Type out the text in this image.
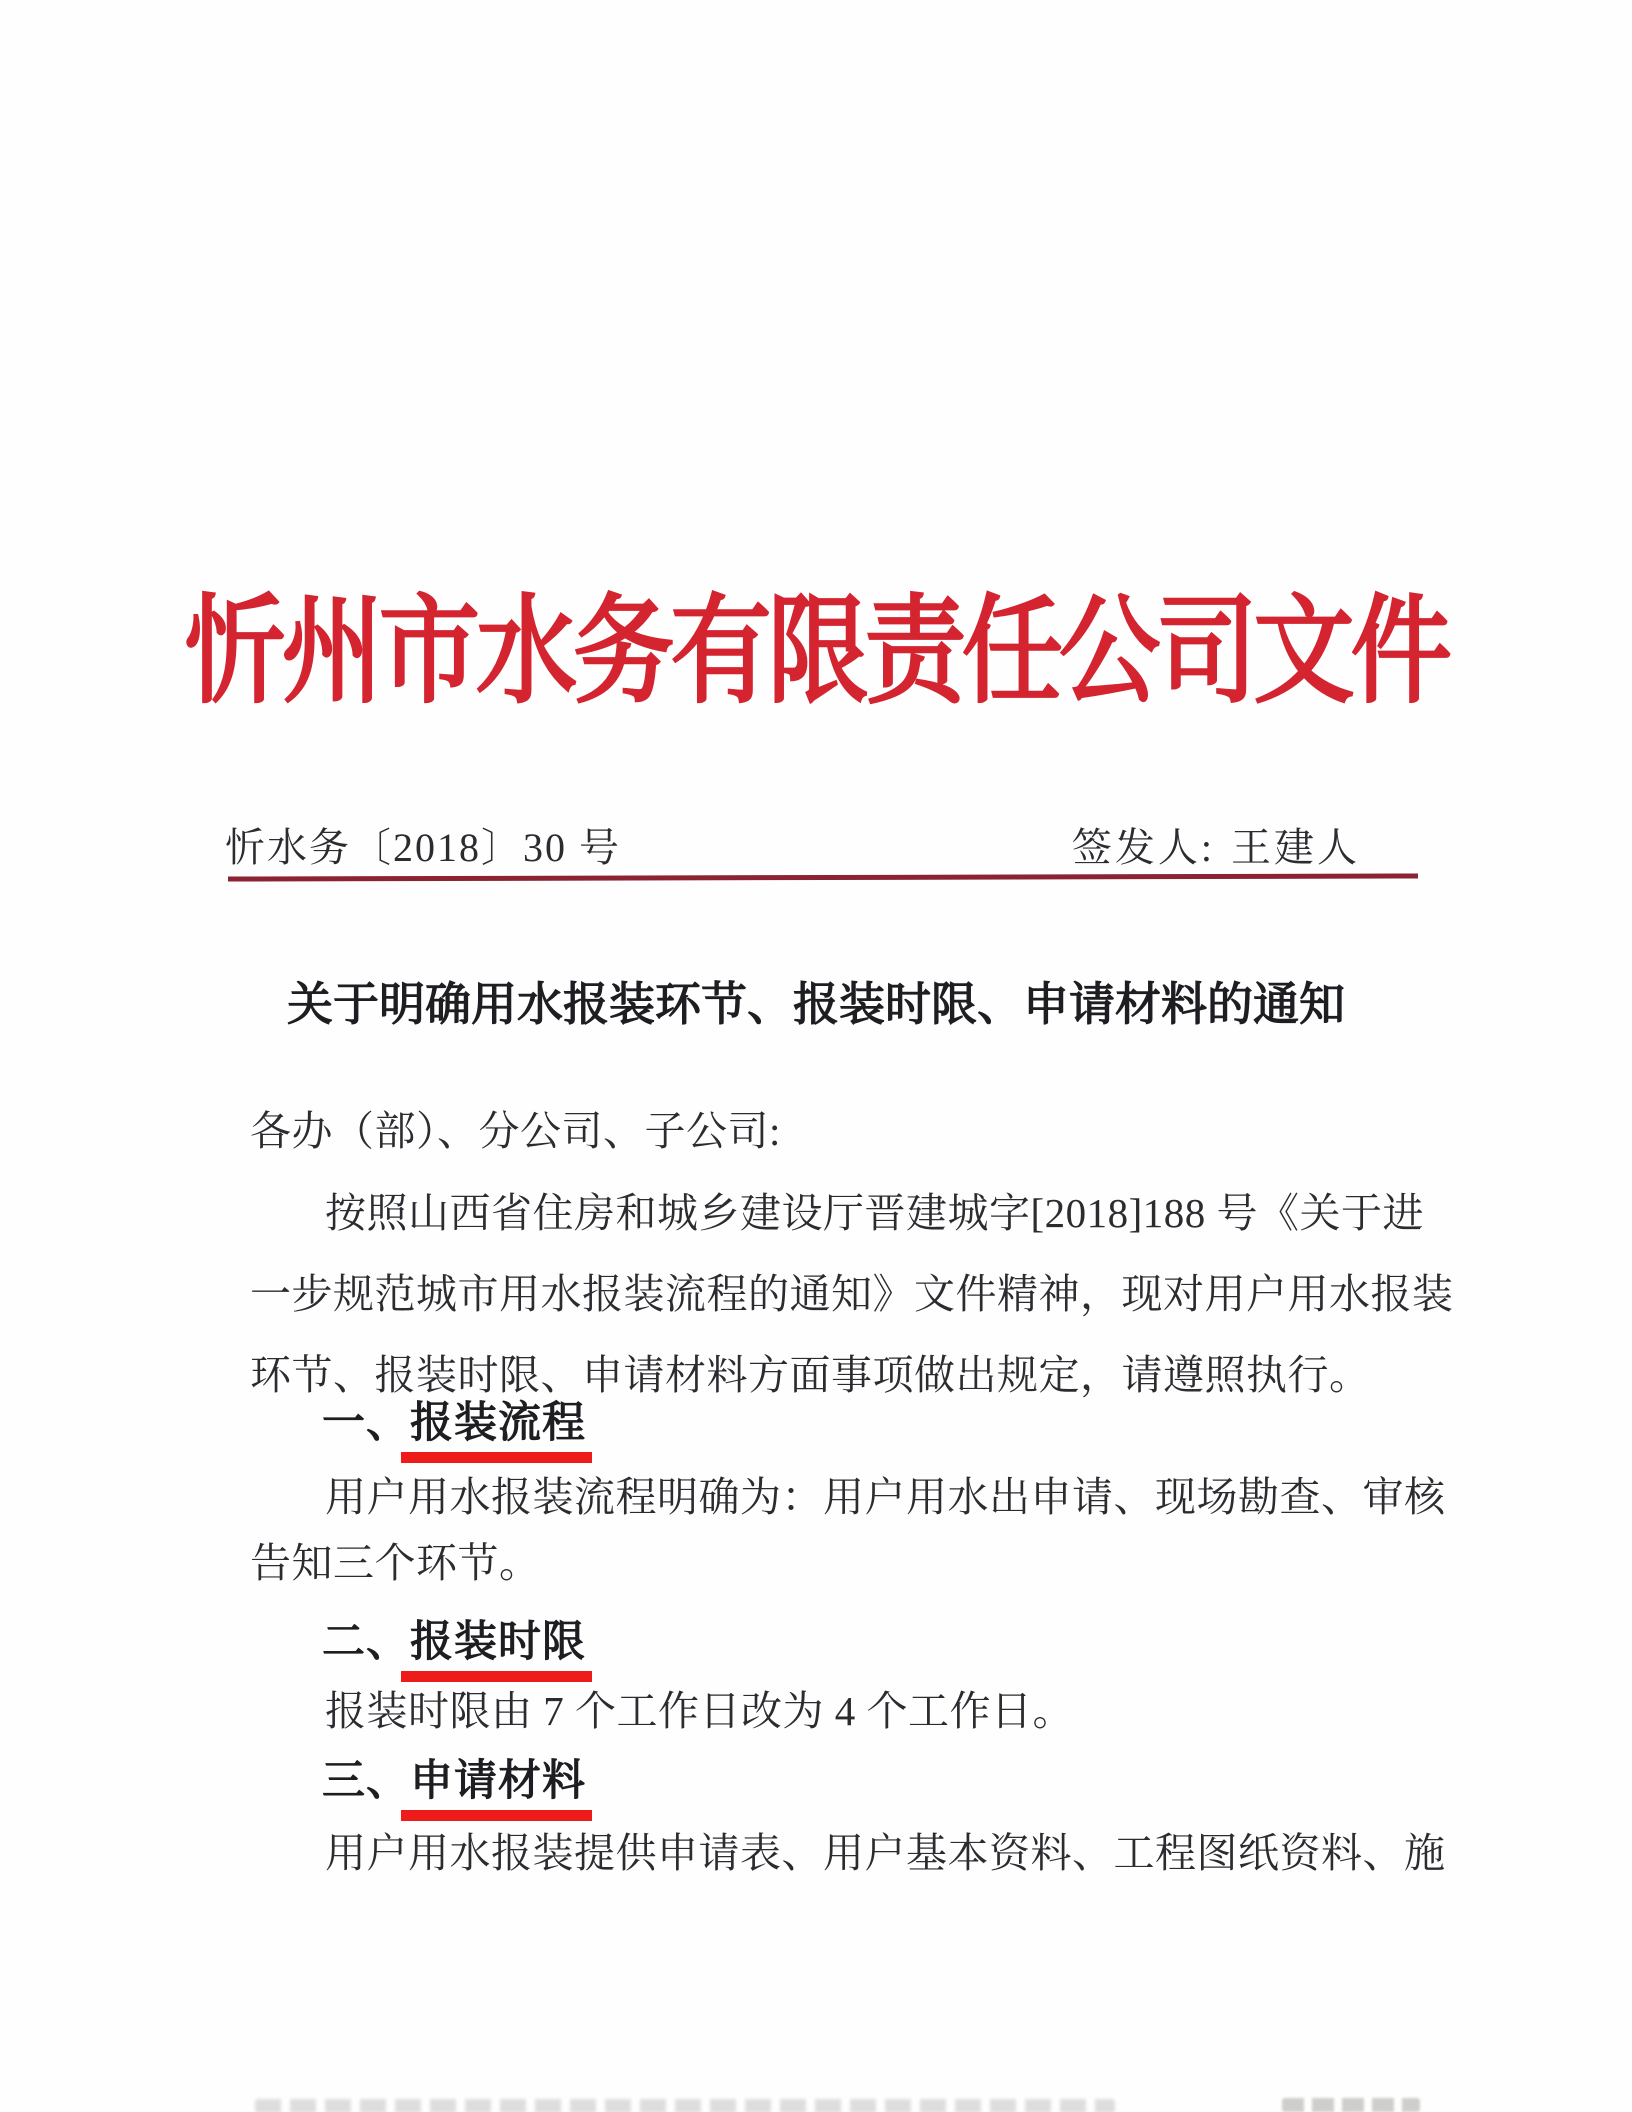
忻州市水务有限责任公司文件
忻水务〔2018〕30 号	签发人: 王建人
关于明确用水报装环节、报装时限、申请材料的通知

各办（部）、分公司、子公司:

按照山西省住房和城乡建设厅晋建城字[2018]188 号《关于进

一步规范城市用水报装流程的通知》文件精神，现对用户用水报装

环节、报装时限、申请材料方面事项做出规定，请遵照执行。

一、报装流程

用户用水报装流程明确为：用户用水出申请、现场勘查、审核

告知三个环节。

二、报装时限

报装时限由 7 个工作日改为 4 个工作日。

三、申请材料

用户用水报装提供申请表、用户基本资料、工程图纸资料、施
